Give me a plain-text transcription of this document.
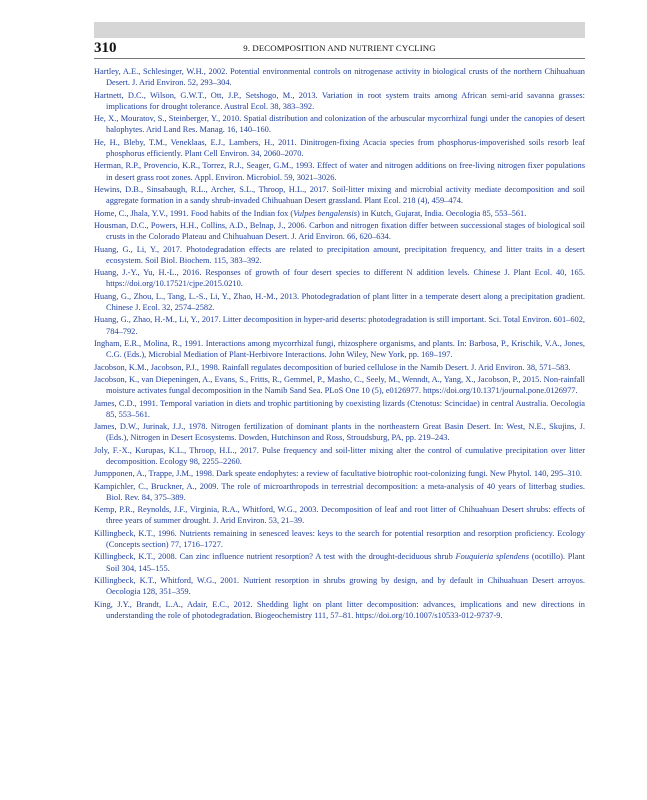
310	9. DECOMPOSITION AND NUTRIENT CYCLING
Hartley, A.E., Schlesinger, W.H., 2002. Potential environmental controls on nitrogenase activity in biological crusts of the northern Chihuahuan Desert. J. Arid Environ. 52, 293–304.
Hartnett, D.C., Wilson, G.W.T., Ott, J.P., Setshogo, M., 2013. Variation in root system traits among African semi-arid savanna grasses: implications for drought tolerance. Austral Ecol. 38, 383–392.
He, X., Mouratov, S., Steinberger, Y., 2010. Spatial distribution and colonization of the arbuscular mycorrhizal fungi under the canopies of desert halophytes. Arid Land Res. Manag. 16, 140–160.
He, H., Bleby, T.M., Veneklaas, E.J., Lambers, H., 2011. Dinitrogen-fixing Acacia species from phosphorus-impoverished soils resorb leaf phosphorus efficiently. Plant Cell Environ. 34, 2060–2070.
Herman, R.P., Provencio, K.R., Torrez, R.J., Seager, G.M., 1993. Effect of water and nitrogen additions on free-living nitrogen fixer populations in desert grass root zones. Appl. Environ. Microbiol. 59, 3021–3026.
Hewins, D.B., Sinsabaugh, R.L., Archer, S.L., Throop, H.L., 2017. Soil-litter mixing and microbial activity mediate decomposition and soil aggregate formation in a sandy shrub-invaded Chihuahuan Desert grassland. Plant Ecol. 218 (4), 459–474.
Home, C., Jhala, Y.V., 1991. Food habits of the Indian fox (Vulpes bengalensis) in Kutch, Gujarat, India. Oecologia 85, 553–561.
Housman, D.C., Powers, H.H., Collins, A.D., Belnap, J., 2006. Carbon and nitrogen fixation differ between successional stages of biological soil crusts in the Colorado Plateau and Chihuahuan Desert. J. Arid Environ. 66, 620–634.
Huang, G., Li, Y., 2017. Photodegradation effects are related to precipitation amount, precipitation frequency, and litter traits in a desert ecosystem. Soil Biol. Biochem. 115, 383–392.
Huang, J.-Y., Yu, H.-L., 2016. Responses of growth of four desert species to different N addition levels. Chinese J. Plant Ecol. 40, 165. https://doi.org/10.17521/cjpe.2015.0210.
Huang, G., Zhou, L., Tang, L.-S., Li, Y., Zhao, H.-M., 2013. Photodegradation of plant litter in a temperate desert along a precipitation gradient. Chinese J. Ecol. 32, 2574–2582.
Huang, G., Zhao, H.-M., Li, Y., 2017. Litter decomposition in hyper-arid deserts: photodegradation is still important. Sci. Total Environ. 601–602, 784–792.
Ingham, E.R., Molina, R., 1991. Interactions among mycorrhizal fungi, rhizosphere organisms, and plants. In: Barbosa, P., Krischik, V.A., Jones, C.G. (Eds.), Microbial Mediation of Plant-Herbivore Interactions. John Wiley, New York, pp. 169–197.
Jacobson, K.M., Jacobson, P.J., 1998. Rainfall regulates decomposition of buried cellulose in the Namib Desert. J. Arid Environ. 38, 571–583.
Jacobson, K., van Diepeningen, A., Evans, S., Fritts, R., Gemmel, P., Masho, C., Seely, M., Wenndt, A., Yang, X., Jacobson, P., 2015. Non-rainfall moisture activates fungal decomposition in the Namib Sand Sea. PLoS One 10 (5), e0126977. https://doi.org/10.1371/journal.pone.0126977.
James, C.D., 1991. Temporal variation in diets and trophic partitioning by coexisting lizards (Ctenotus: Scincidae) in central Australia. Oecologia 85, 553–561.
James, D.W., Jurinak, J.J., 1978. Nitrogen fertilization of dominant plants in the northeastern Great Basin Desert. In: West, N.E., Skujins, J. (Eds.), Nitrogen in Desert Ecosystems. Dowden, Hutchinson and Ross, Stroudsburg, PA, pp. 219–243.
Joly, F.-X., Kurupas, K.L., Throop, H.L., 2017. Pulse frequency and soil-litter mixing alter the control of cumulative precipitation over litter decomposition. Ecology 98, 2255–2260.
Jumpponen, A., Trappe, J.M., 1998. Dark speate endophytes: a review of facultative biotrophic root-colonizing fungi. New Phytol. 140, 295–310.
Kampichler, C., Bruckner, A., 2009. The role of microarthropods in terrestrial decomposition: a meta-analysis of 40 years of litterbag studies. Biol. Rev. 84, 375–389.
Kemp, P.R., Reynolds, J.F., Virginia, R.A., Whitford, W.G., 2003. Decomposition of leaf and root litter of Chihuahuan Desert shrubs: effects of three years of summer drought. J. Arid Environ. 53, 21–39.
Killingbeck, K.T., 1996. Nutrients remaining in senesced leaves: keys to the search for potential resorption and resorption proficiency. Ecology (Concepts section) 77, 1716–1727.
Killingbeck, K.T., 2008. Can zinc influence nutrient resorption? A test with the drought-deciduous shrub Fouquieria splendens (ocotillo). Plant Soil 304, 145–155.
Killingbeck, K.T., Whitford, W.G., 2001. Nutrient resorption in shrubs growing by design, and by default in Chihuahuan Desert arroyos. Oecologia 128, 351–359.
King, J.Y., Brandt, L.A., Adair, E.C., 2012. Shedding light on plant litter decomposition: advances, implications and new directions in understanding the role of photodegradation. Biogeochemistry 111, 57–81. https://doi.org/10.1007/s10533-012-9737-9.
